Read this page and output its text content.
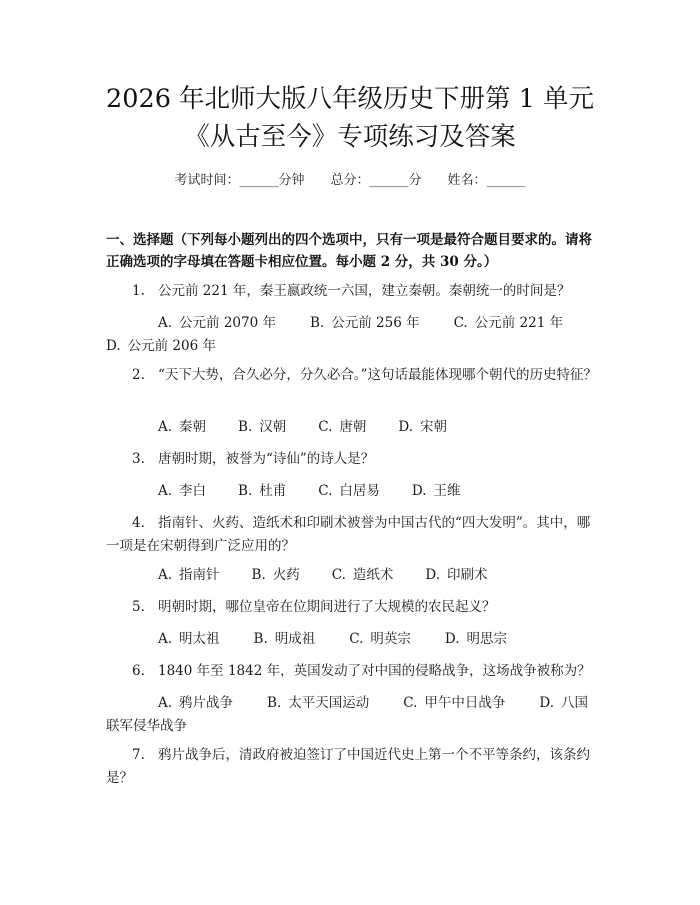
2026 年北师大版八年级历史下册第 1 单元
《从古至今》专项练习及答案
考试时间：______分钟 总分：______分 姓名：______
一、选择题（下列每小题列出的四个选项中，只有一项是最符合题目要求的。请将正确选项的字母填在答题卡相应位置。每小题 2 分，共 30 分。）
1. 公元前 221 年，秦王嬴政统一六国，建立秦朝。秦朝统一的时间是？
A. 公元前 2070 年	B. 公元前 256 年	C. 公元前 221 年D. 公元前 206 年
2. “天下大势，合久必分，分久必合。”这句话最能体现哪个朝代的历史特征？
A. 秦朝 B. 汉朝 C. 唐朝 D. 宋朝
3. 唐朝时期，被誉为“诗仙”的诗人是？
A. 李白 B. 杜甫 C. 白居易 D. 王维
4. 指南针、火药、造纸术和印刷术被誉为中国古代的“四大发明”。其中，哪一项是在宋朝得到广泛应用的？
A. 指南针 B. 火药 C. 造纸术 D. 印刷术
5. 明朝时期，哪位皇帝在位期间进行了大规模的农民起义？
A. 明太祖	B. 明成祖	C. 明英宗	D. 明思宗
6. 1840 年至 1842 年，英国发动了对中国的侵略战争，这场战争被称为？
A. 鸦片战争	B. 太平天国运动	C. 甲午中日战争	D. 八国联军侵华战争
7. 鸦片战争后，清政府被迫签订了中国近代史上第一个不平等条约，该条约是？
